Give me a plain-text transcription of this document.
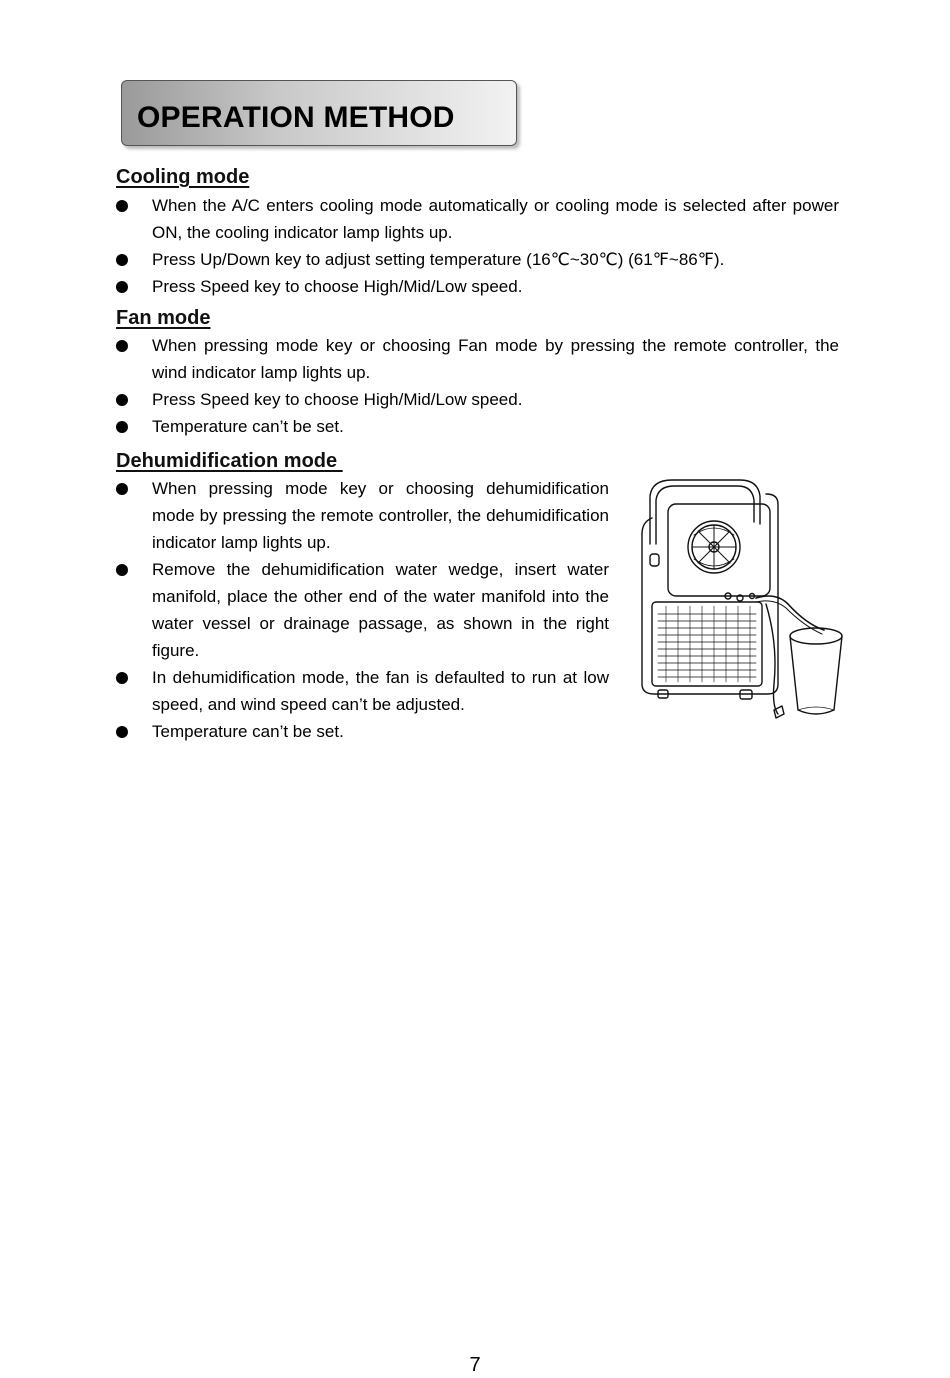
OPERATION METHOD
Cooling mode
When the A/C enters cooling mode automatically or cooling mode is selected after power ON, the cooling indicator lamp lights up.
Press Up/Down key to adjust setting temperature (16℃~30℃) (61℉~86℉).
Press Speed key to choose High/Mid/Low speed.
Fan mode
When pressing mode key or choosing Fan mode by pressing the remote controller, the wind indicator lamp lights up.
Press Speed key to choose High/Mid/Low speed.
Temperature can’t be set.
Dehumidification mode
When pressing mode key or choosing dehumidification mode by pressing the remote controller, the dehumidification indicator lamp lights up.
Remove the dehumidification water wedge, insert water manifold, place the other end of the water manifold into the water vessel or drainage passage, as shown in the right figure.
In dehumidification mode, the fan is defaulted to run at low speed, and wind speed can’t be adjusted.
Temperature can’t be set.
7
